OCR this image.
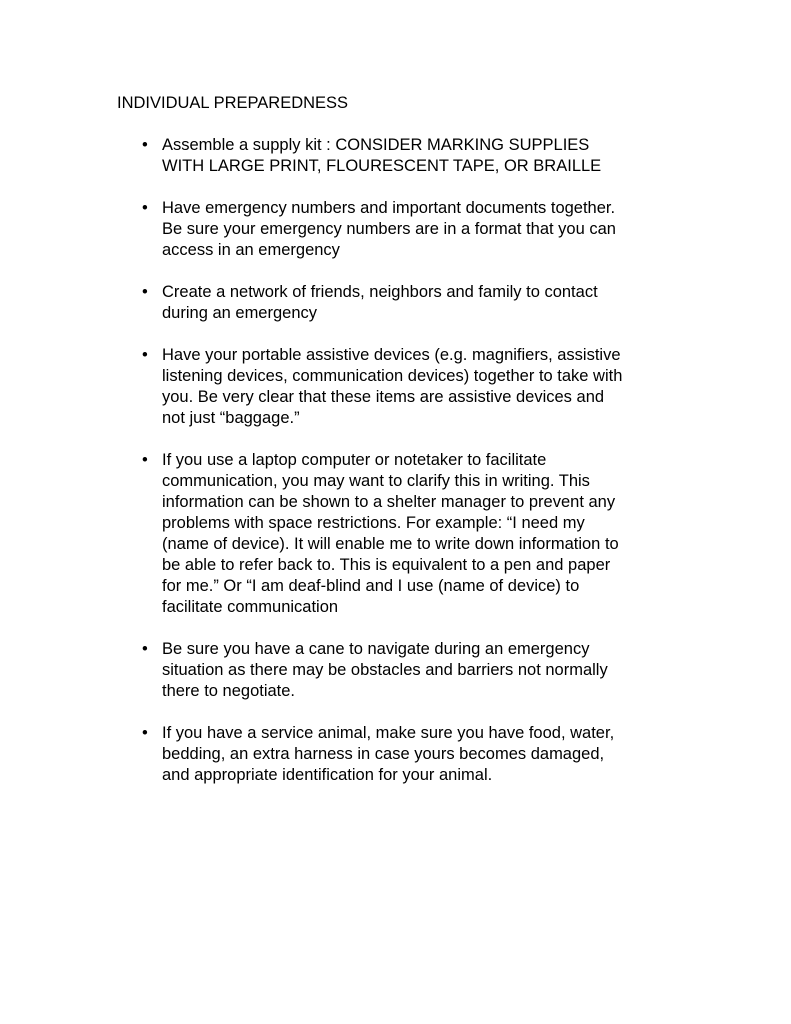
INDIVIDUAL PREPAREDNESS
• Assemble a supply kit : CONSIDER MARKING SUPPLIES
WITH LARGE PRINT, FLOURESCENT TAPE, OR BRAILLE
• Have emergency numbers and important documents together.
Be sure your emergency numbers are in a format that you can
access in an emergency
• Create a network of friends, neighbors and family to contact
during an emergency
• Have your portable assistive devices (e.g. magnifiers, assistive
listening devices, communication devices) together to take with
you. Be very clear that these items are assistive devices and
not just “baggage.”
• If you use a laptop computer or notetaker to facilitate
communication, you may want to clarify this in writing. This
information can be shown to a shelter manager to prevent any
problems with space restrictions. For example: “I need my
(name of device). It will enable me to write down information to
be able to refer back to. This is equivalent to a pen and paper
for me.” Or “I am deaf-blind and I use (name of device) to
facilitate communication
• Be sure you have a cane to navigate during an emergency
situation as there may be obstacles and barriers not normally
there to negotiate.
• If you have a service animal, make sure you have food, water,
bedding, an extra harness in case yours becomes damaged,
and appropriate identification for your animal.
